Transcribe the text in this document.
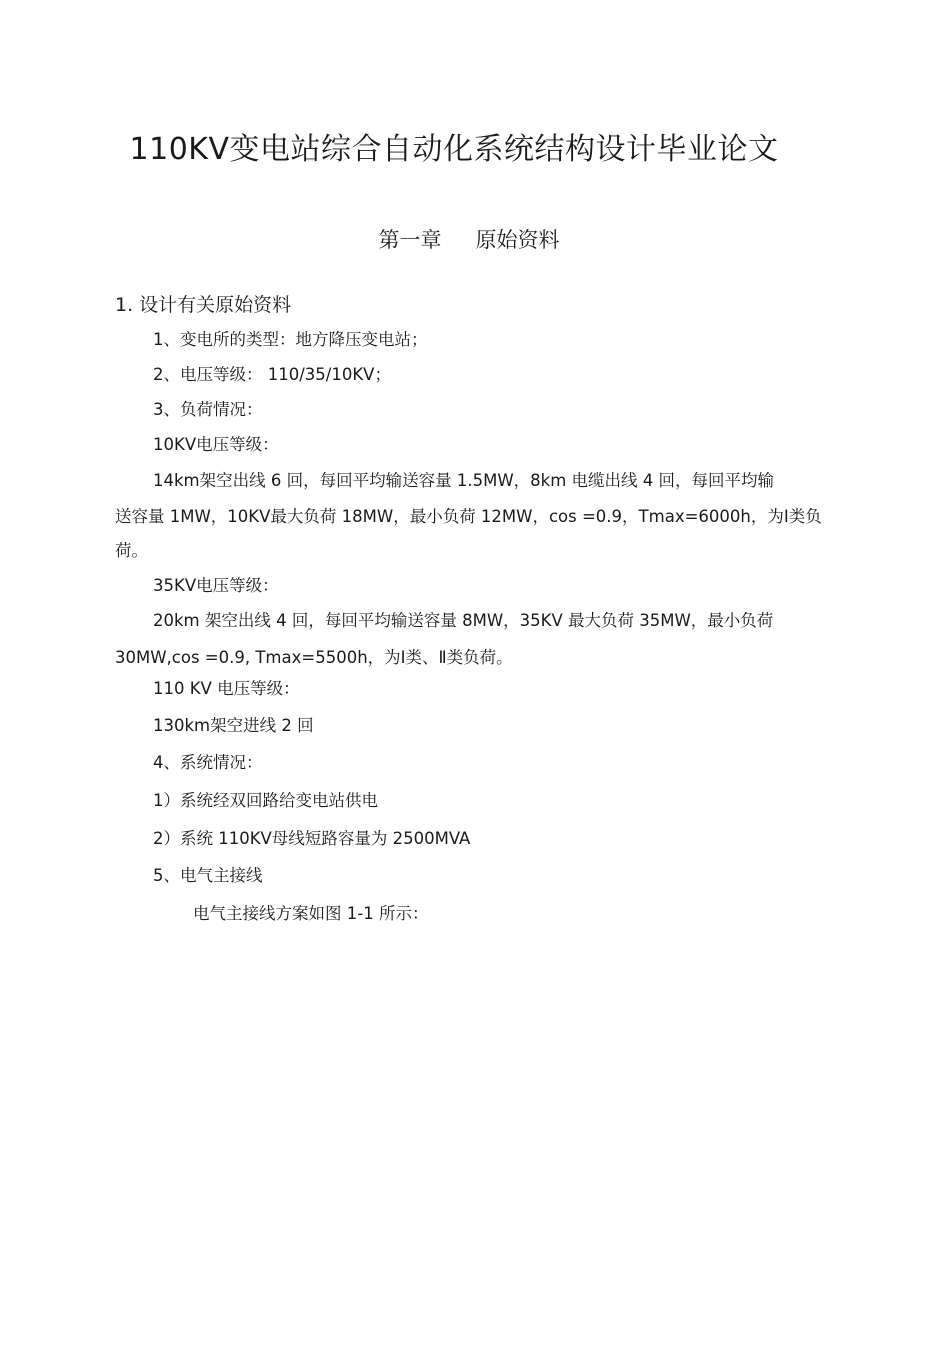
110KV变电站综合自动化系统结构设计毕业论文
第一章 原始资料
1. 设计有关原始资料
1、变电所的类型：地方降压变电站；
2、电压等级： 110/35/10KV；
3、负荷情况：
10KV电压等级：
14km架空出线 6 回，每回平均输送容量 1.5MW，8km 电缆出线 4 回，每回平均输
送容量 1MW，10KV最大负荷 18MW，最小负荷 12MW，cos =0.9，Tmax=6000h，为Ⅰ类负
荷。
35KV电压等级：
20km 架空出线 4 回，每回平均输送容量 8MW，35KV 最大负荷 35MW，最小负荷
30MW,cos =0.9, Tmax=5500h，为Ⅰ类、Ⅱ类负荷。
110 KV 电压等级：
130km架空进线 2 回
4、系统情况：
1）系统经双回路给变电站供电
2）系统 110KV母线短路容量为 2500MVA
5、电气主接线
电气主接线方案如图 1-1 所示：
